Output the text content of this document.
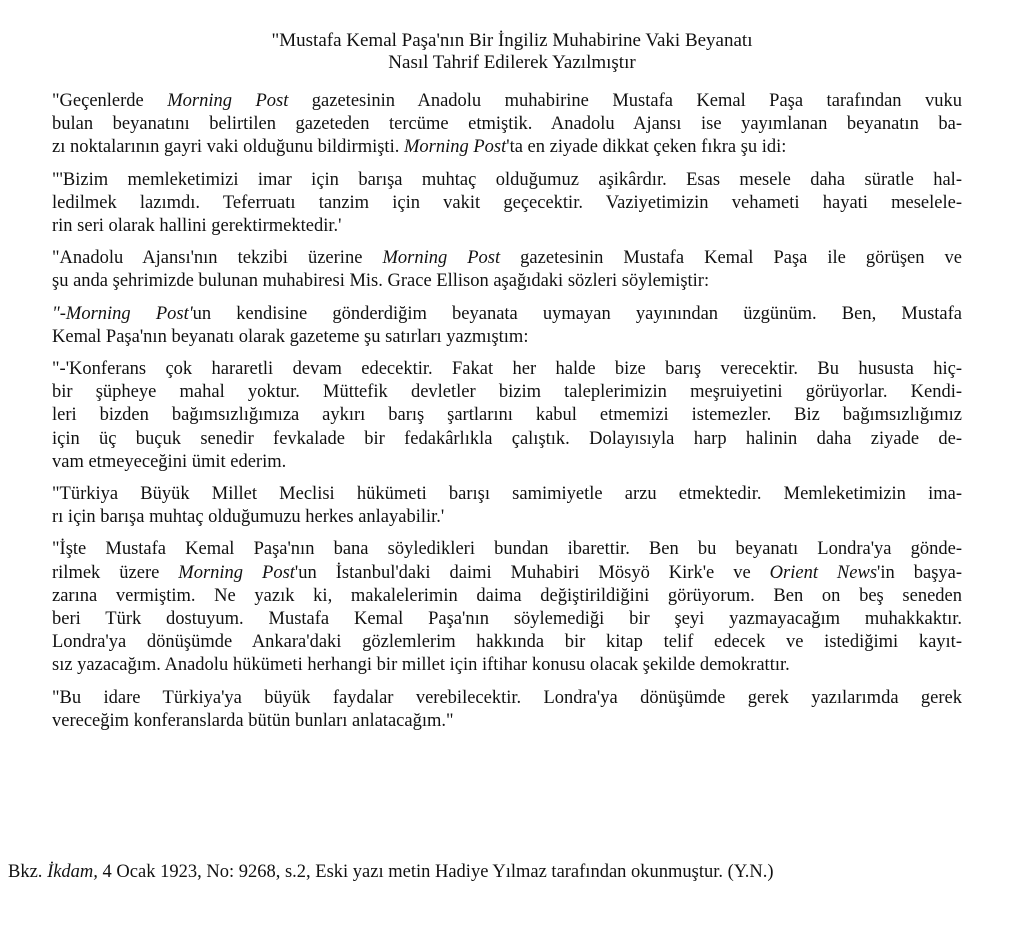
"Mustafa Kemal Paşa'nın Bir İngiliz Muhabirine Vaki Beyanatı
Nasıl Tahrif Edilerek Yazılmıştır
"Geçenlerde Morning Post gazetesinin Anadolu muhabirine Mustafa Kemal Paşa tarafından vuku
bulan beyanatını belirtilen gazeteden tercüme etmiştik. Anadolu Ajansı ise yayımlanan beyanatın ba-
zı noktalarının gayri vaki olduğunu bildirmişti. Morning Post'ta en ziyade dikkat çeken fıkra şu idi:
"'Bizim memleketimizi imar için barışa muhtaç olduğumuz aşikârdır. Esas mesele daha süratle hal-
ledilmek lazımdı. Teferruatı tanzim için vakit geçecektir. Vaziyetimizin vehameti hayati meselele-
rin seri olarak hallini gerektirmektedir.'
"Anadolu Ajansı'nın tekzibi üzerine Morning Post gazetesinin Mustafa Kemal Paşa ile görüşen ve
şu anda şehrimizde bulunan muhabiresi Mis. Grace Ellison aşağıdaki sözleri söylemiştir:
"-Morning Post'un kendisine gönderdiğim beyanata uymayan yayınından üzgünüm. Ben, Mustafa
Kemal Paşa'nın beyanatı olarak gazeteme şu satırları yazmıştım:
"-'Konferans çok hararetli devam edecektir. Fakat her halde bize barış verecektir. Bu hususta hiç-
bir şüpheye mahal yoktur. Müttefik devletler bizim taleplerimizin meşruiyetini görüyorlar. Kendi-
leri bizden bağımsızlığımıza aykırı barış şartlarını kabul etmemizi istemezler. Biz bağımsızlığımız
için üç buçuk senedir fevkalade bir fedakârlıkla çalıştık. Dolayısıyla harp halinin daha ziyade de-
vam etmeyeceğini ümit ederim.
"Türkiya Büyük Millet Meclisi hükümeti barışı samimiyetle arzu etmektedir. Memleketimizin ima-
rı için barışa muhtaç olduğumuzu herkes anlayabilir.'
"İşte Mustafa Kemal Paşa'nın bana söyledikleri bundan ibarettir. Ben bu beyanatı Londra'ya gönde-
rilmek üzere Morning Post'un İstanbul'daki daimi Muhabiri Mösyö Kirk'e ve Orient News'in başya-
zarına vermiştim. Ne yazık ki, makalelerimin daima değiştirildiğini görüyorum. Ben on beş seneden
beri Türk dostuyum. Mustafa Kemal Paşa'nın söylemediği bir şeyi yazmayacağım muhakkaktır.
Londra'ya dönüşümde Ankara'daki gözlemlerim hakkında bir kitap telif edecek ve istediğimi kayıt-
sız yazacağım. Anadolu hükümeti herhangi bir millet için iftihar konusu olacak şekilde demokrattır.
"Bu idare Türkiya'ya büyük faydalar verebilecektir. Londra'ya dönüşümde gerek yazılarımda gerek
vereceğim konferanslarda bütün bunları anlatacağım."
Bkz. İkdam, 4 Ocak 1923, No: 9268, s.2, Eski yazı metin Hadiye Yılmaz tarafından okunmuştur. (Y.N.)
